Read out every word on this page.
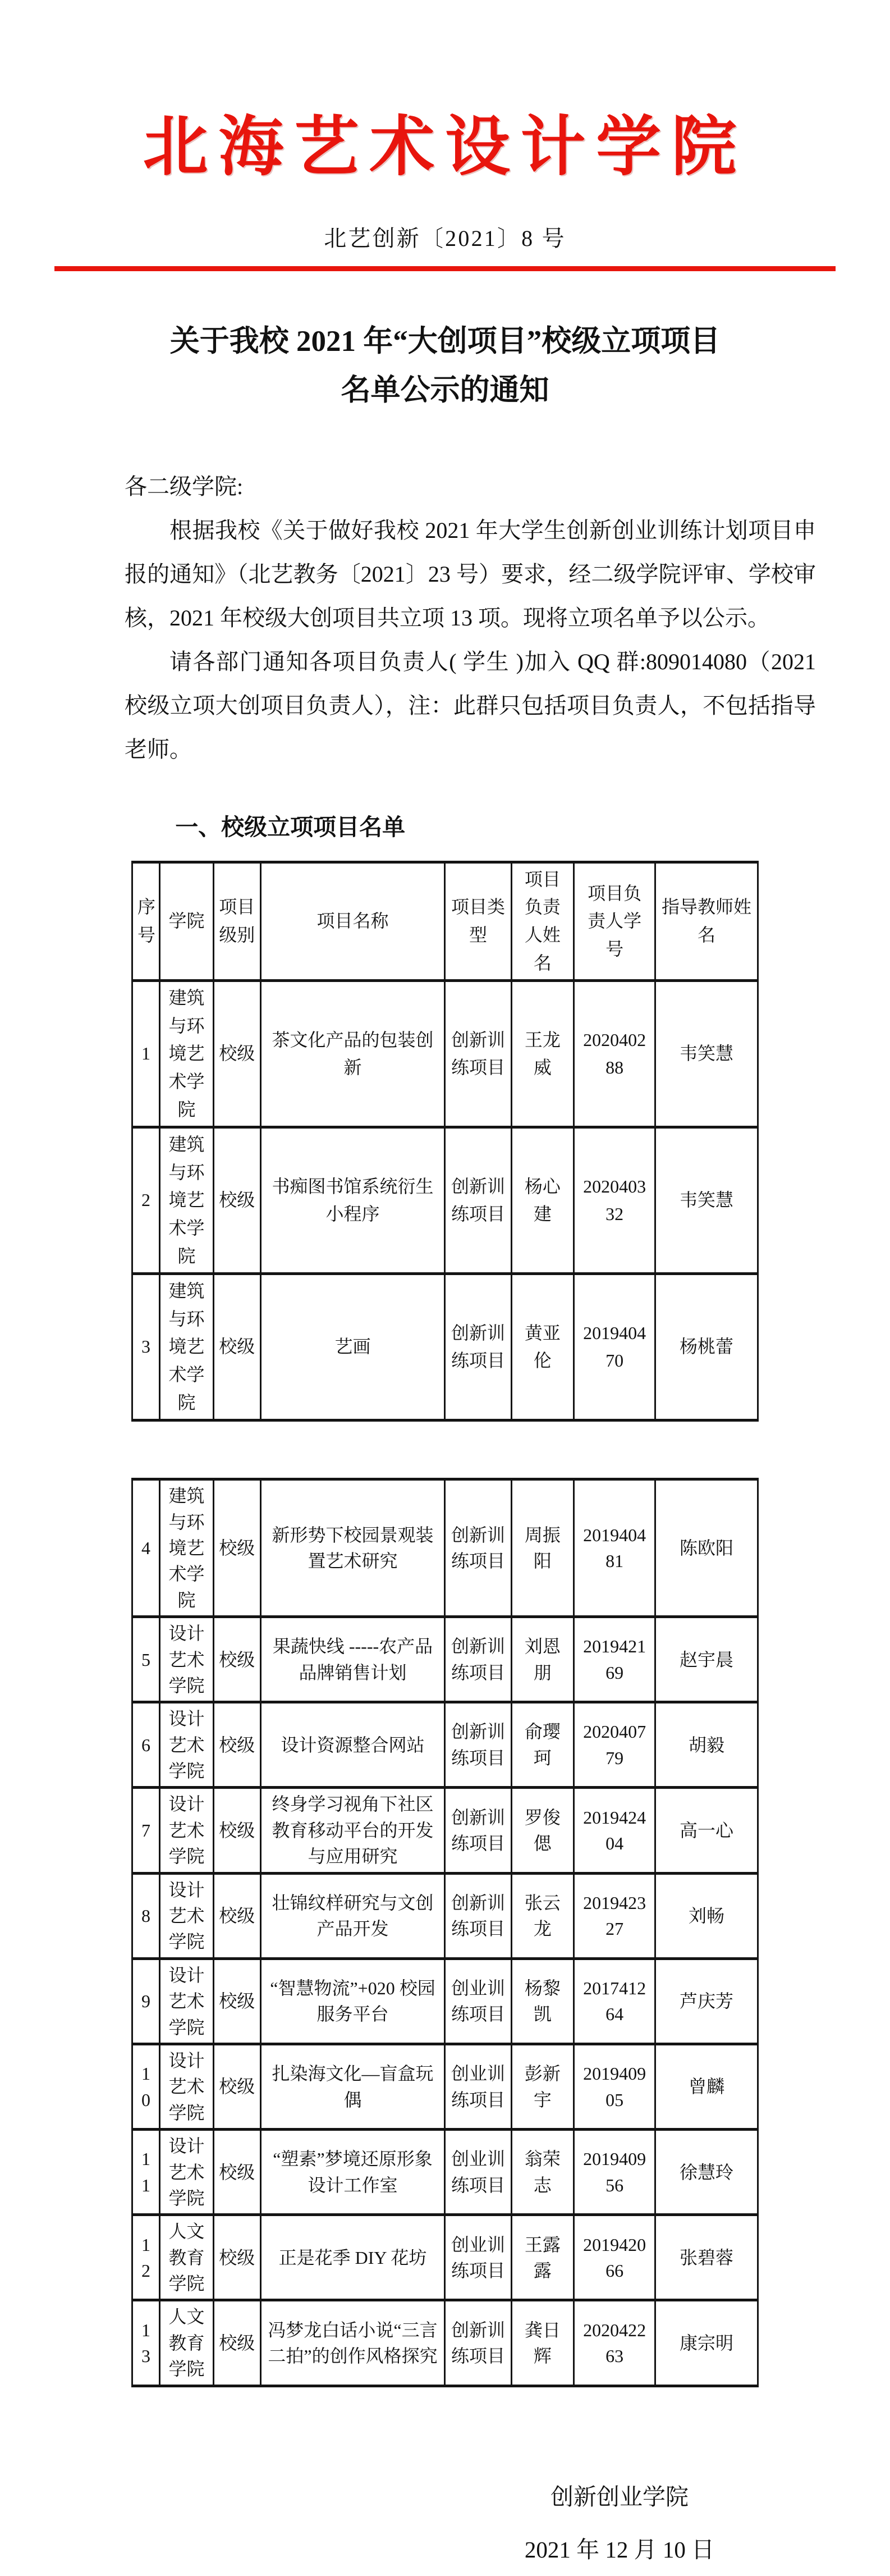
北海艺术设计学院
北艺创新〔2021〕8 号
关于我校 2021 年“大创项目”校级立项项目
名单公示的通知

各二级学院:

根据我校《关于做好我校 2021 年大学生创新创业训练计划项目申报的通知》（北艺教务〔2021〕23 号）要求，经二级学院评审、学校审核，2021 年校级大创项目共立项 13 项。现将立项名单予以公示。

请各部门通知各项目负责人( 学生 )加入 QQ 群:809014080（2021 校级立项大创项目负责人），注：此群只包括项目负责人，不包括指导老师。

一、校级立项项目名单
序号	学院	项目级别	项目名称	项目类型	项目负责人姓名	项目负责人学号	指导教师姓名
1	建筑与环境艺术学院	校级	茶文化产品的包装创新	创新训练项目	王龙威	202040288	韦笑慧
2	建筑与环境艺术学院	校级	书痴图书馆系统衍生小程序	创新训练项目	杨心建	202040332	韦笑慧
3	建筑与环境艺术学院	校级	艺画	创新训练项目	黄亚伦	201940470	杨桃蕾
4	建筑与环境艺术学院	校级	新形势下校园景观装置艺术研究	创新训练项目	周振阳	201940481	陈欧阳
5	设计艺术学院	校级	果蔬快线 -----农产品品牌销售计划	创新训练项目	刘恩朋	201942169	赵宇晨
6	设计艺术学院	校级	设计资源整合网站	创新训练项目	俞璎珂	202040779	胡毅
7	设计艺术学院	校级	终身学习视角下社区教育移动平台的开发与应用研究	创新训练项目	罗俊偲	201942404	高一心
8	设计艺术学院	校级	壮锦纹样研究与文创产品开发	创新训练项目	张云龙	201942327	刘畅
9	设计艺术学院	校级	“智慧物流”+020 校园服务平台	创业训练项目	杨黎凯	201741264	芦庆芳
10	设计艺术学院	校级	扎染海文化—盲盒玩偶	创业训练项目	彭新宇	201940905	曾麟
11	设计艺术学院	校级	“塑素”梦境还原形象设计工作室	创业训练项目	翁荣志	201940956	徐慧玲
12	人文教育学院	校级	正是花季 DIY 花坊	创业训练项目	王露露	201942066	张碧蓉
13	人文教育学院	校级	冯梦龙白话小说“三言二拍”的创作风格探究	创新训练项目	龚日辉	202042263	康宗明
创新创业学院
2021 年 12 月 10 日
